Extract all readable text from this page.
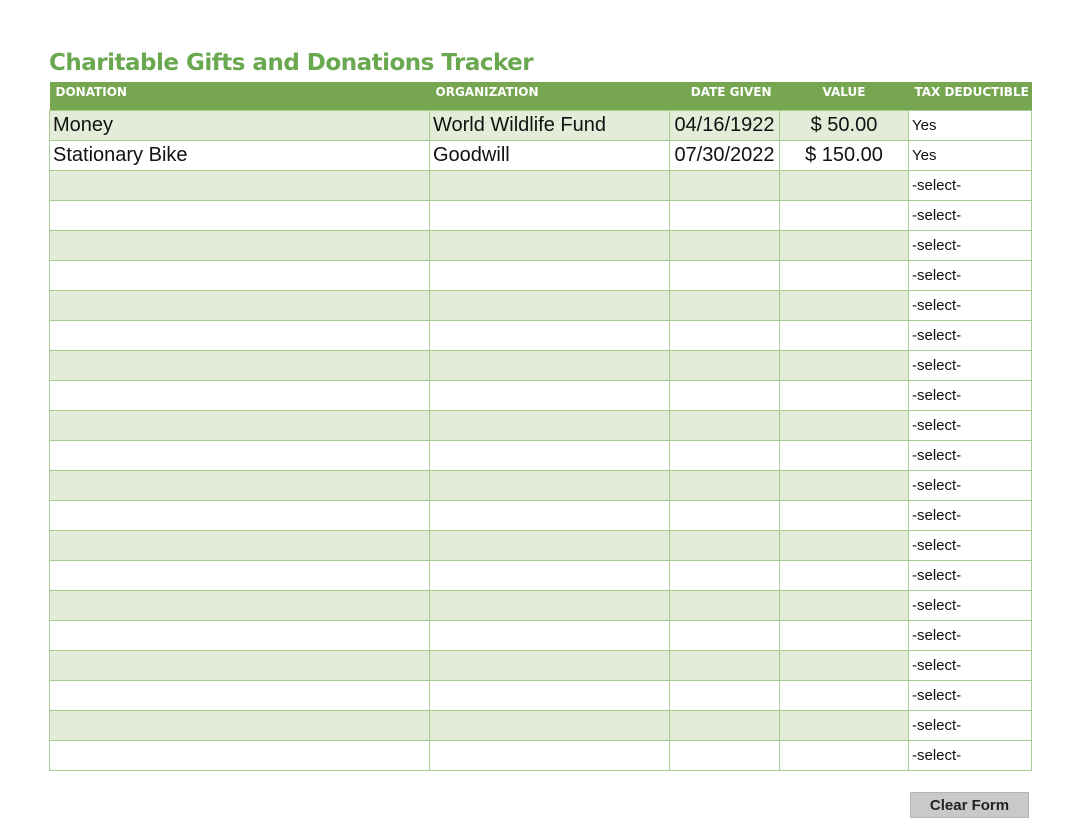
Charitable Gifts and Donations Tracker
DONATION	ORGANIZATION	DATE GIVEN	VALUE	TAX DEDUCTIBLE
Money	World Wildlife Fund	04/16/1922	$ 50.00	Yes
Stationary Bike	Goodwill	07/30/2022	$ 150.00	Yes
				-select-
				-select-
				-select-
				-select-
				-select-
				-select-
				-select-
				-select-
				-select-
				-select-
				-select-
				-select-
				-select-
				-select-
				-select-
				-select-
				-select-
				-select-
				-select-
				-select-
Clear Form
